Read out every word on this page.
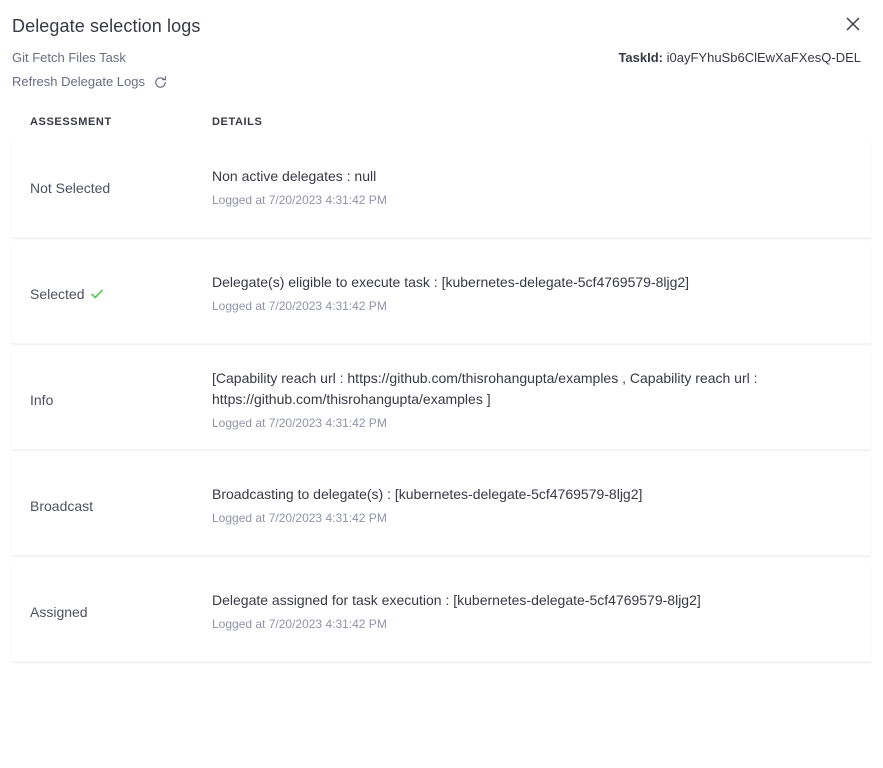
Delegate selection logs
Git Fetch Files Task
Refresh Delegate Logs
TaskId: i0ayFYhuSb6ClEwXaFXesQ-DEL
ASSESSMENT	DETAILS
Not Selected
Non active delegates : null
Logged at 7/20/2023 4:31:42 PM
Selected
Delegate(s) eligible to execute task : [kubernetes-delegate-5cf4769579-8ljg2]
Logged at 7/20/2023 4:31:42 PM
Info
[Capability reach url : https://github.com/thisrohangupta/examples , Capability reach url : https://github.com/thisrohangupta/examples ]
Logged at 7/20/2023 4:31:42 PM
Broadcast
Broadcasting to delegate(s) : [kubernetes-delegate-5cf4769579-8ljg2]
Logged at 7/20/2023 4:31:42 PM
Assigned
Delegate assigned for task execution : [kubernetes-delegate-5cf4769579-8ljg2]
Logged at 7/20/2023 4:31:42 PM
